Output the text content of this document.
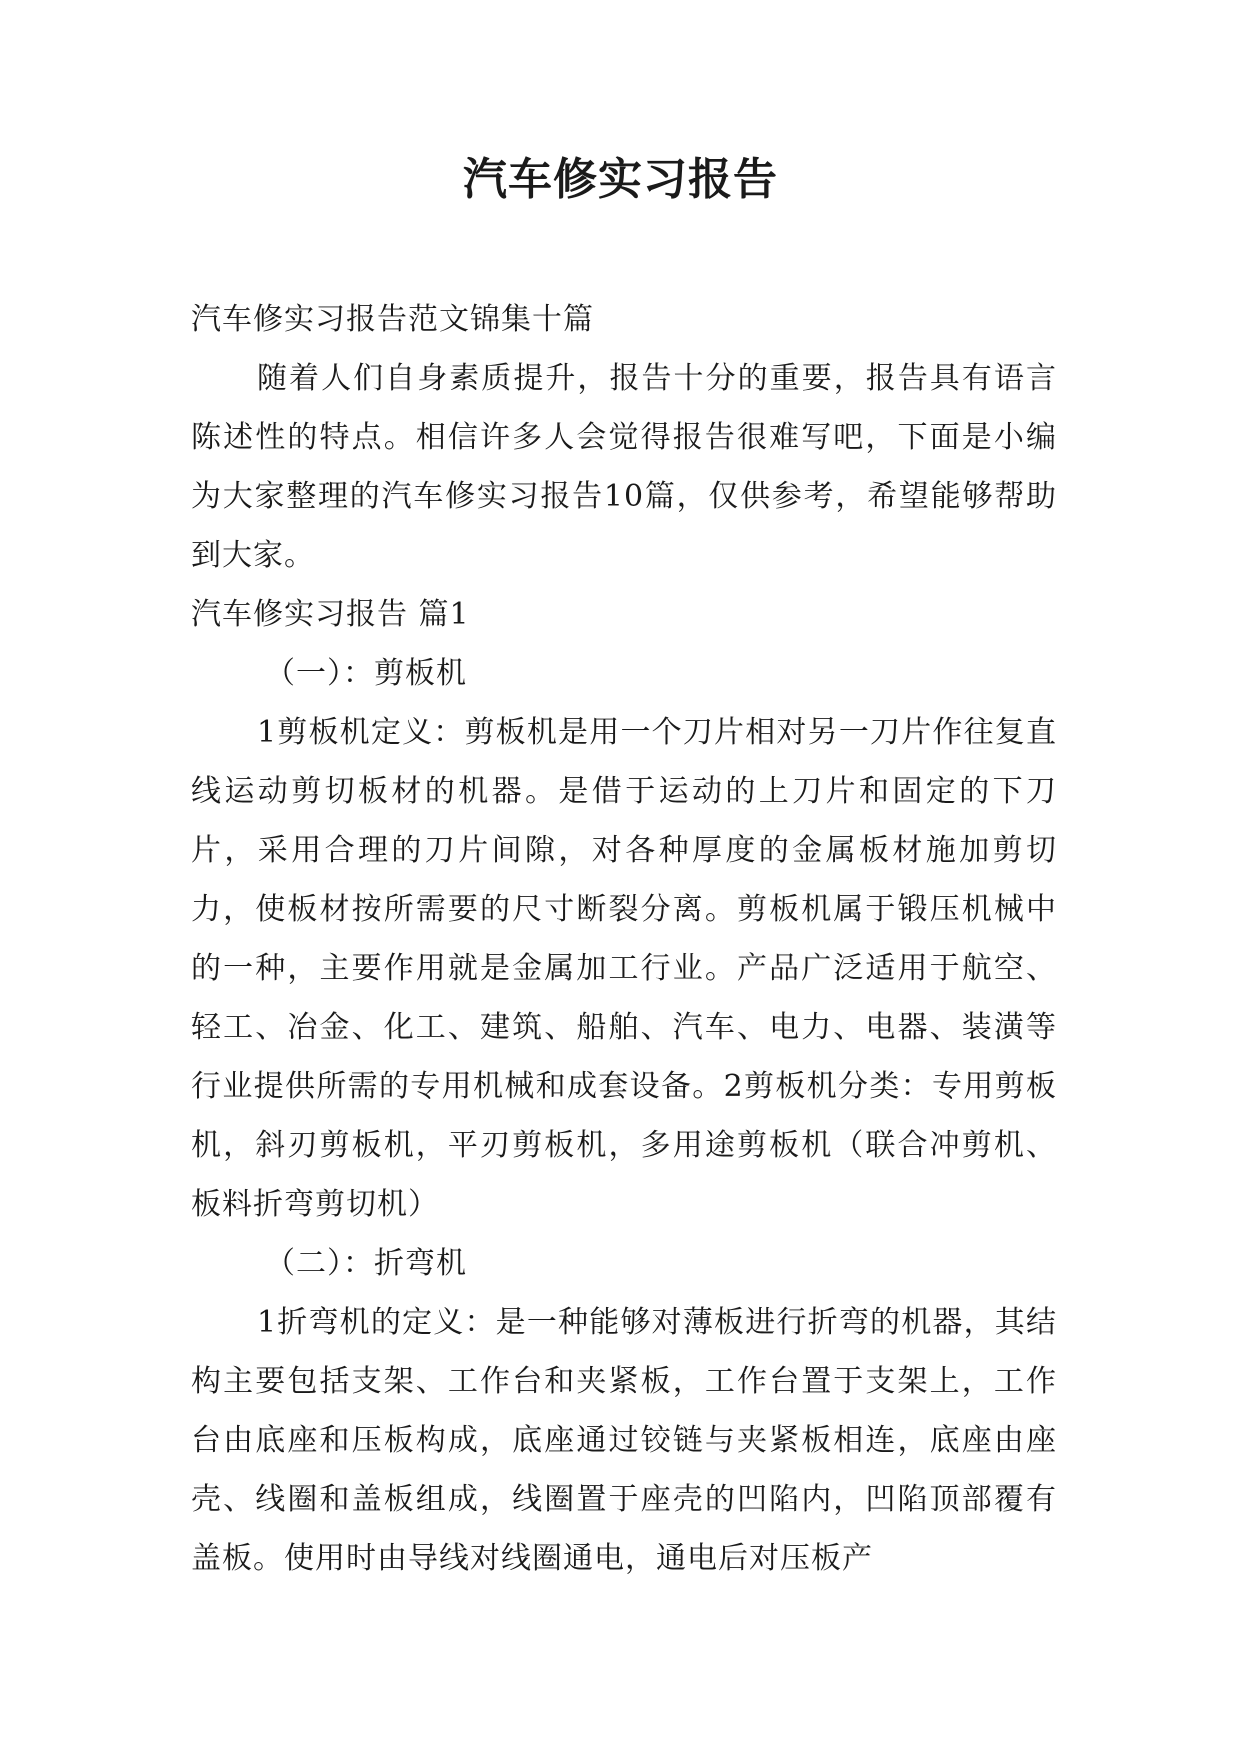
汽车修实习报告

汽车修实习报告范文锦集十篇

随着人们自身素质提升，报告十分的重要，报告具有语言陈述性的特点。相信许多人会觉得报告很难写吧，下面是小编为大家整理的汽车修实习报告10篇，仅供参考，希望能够帮助到大家。

汽车修实习报告 篇1

（一）：剪板机

1剪板机定义：剪板机是用一个刀片相对另一刀片作往复直线运动剪切板材的机器。是借于运动的上刀片和固定的下刀片，采用合理的刀片间隙，对各种厚度的金属板材施加剪切力，使板材按所需要的尺寸断裂分离。剪板机属于锻压机械中的一种，主要作用就是金属加工行业。产品广泛适用于航空、轻工、冶金、化工、建筑、船舶、汽车、电力、电器、装潢等行业提供所需的专用机械和成套设备。2剪板机分类：专用剪板机，斜刃剪板机，平刃剪板机，多用途剪板机（联合冲剪机、板料折弯剪切机）

（二）：折弯机

1折弯机的定义：是一种能够对薄板进行折弯的机器，其结构主要包括支架、工作台和夹紧板，工作台置于支架上，工作台由底座和压板构成，底座通过铰链与夹紧板相连，底座由座壳、线圈和盖板组成，线圈置于座壳的凹陷内，凹陷顶部覆有盖板。使用时由导线对线圈通电，通电后对压板产
